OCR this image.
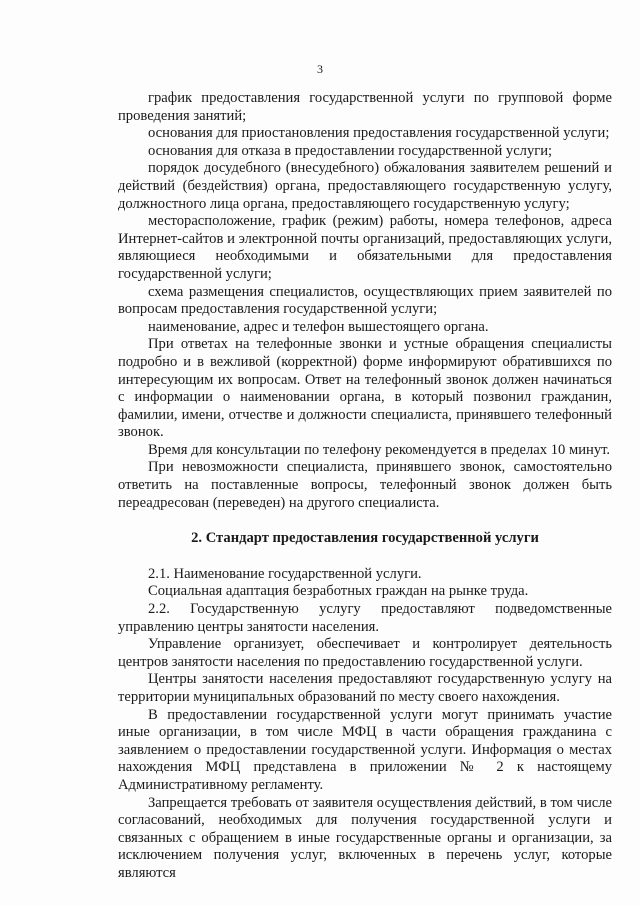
3

график предоставления государственной услуги по групповой форме проведения занятий;

основания для приостановления предоставления государственной услуги;

основания для отказа в предоставлении государственной услуги;

порядок досудебного (внесудебного) обжалования заявителем решений и действий (бездействия) органа, предоставляющего государственную услугу, должностного лица органа, предоставляющего государственную услугу;

месторасположение, график (режим) работы, номера телефонов, адреса Интернет-сайтов и электронной почты организаций, предоставляющих услуги, являющиеся необходимыми и обязательными для предоставления государственной услуги;

схема размещения специалистов, осуществляющих прием заявителей по вопросам предоставления государственной услуги;

наименование, адрес и телефон вышестоящего органа.

При ответах на телефонные звонки и устные обращения специалисты подробно и в вежливой (корректной) форме информируют обратившихся по интересующим их вопросам. Ответ на телефонный звонок должен начинаться с информации о наименовании органа, в который позвонил гражданин, фамилии, имени, отчестве и должности специалиста, принявшего телефонный звонок.

Время для консультации по телефону рекомендуется в пределах 10 минут.

При невозможности специалиста, принявшего звонок, самостоятельно ответить на поставленные вопросы, телефонный звонок должен быть переадресован (переведен) на другого специалиста.

2. Стандарт предоставления государственной услуги

2.1. Наименование государственной услуги.

Социальная адаптация безработных граждан на рынке труда.

2.2. Государственную услугу предоставляют подведомственные управлению центры занятости населения.

Управление организует, обеспечивает и контролирует деятельность центров занятости населения по предоставлению государственной услуги.

Центры занятости населения предоставляют государственную услугу на территории муниципальных образований по месту своего нахождения.

В предоставлении государственной услуги могут принимать участие иные организации, в том числе МФЦ в части обращения гражданина с заявлением о предоставлении государственной услуги. Информация о местах нахождения МФЦ представлена в приложении № 2 к настоящему Административному регламенту.

Запрещается требовать от заявителя осуществления действий, в том числе согласований, необходимых для получения государственной услуги и связанных с обращением в иные государственные органы и организации, за исключением получения услуг, включенных в перечень услуг, которые являются
